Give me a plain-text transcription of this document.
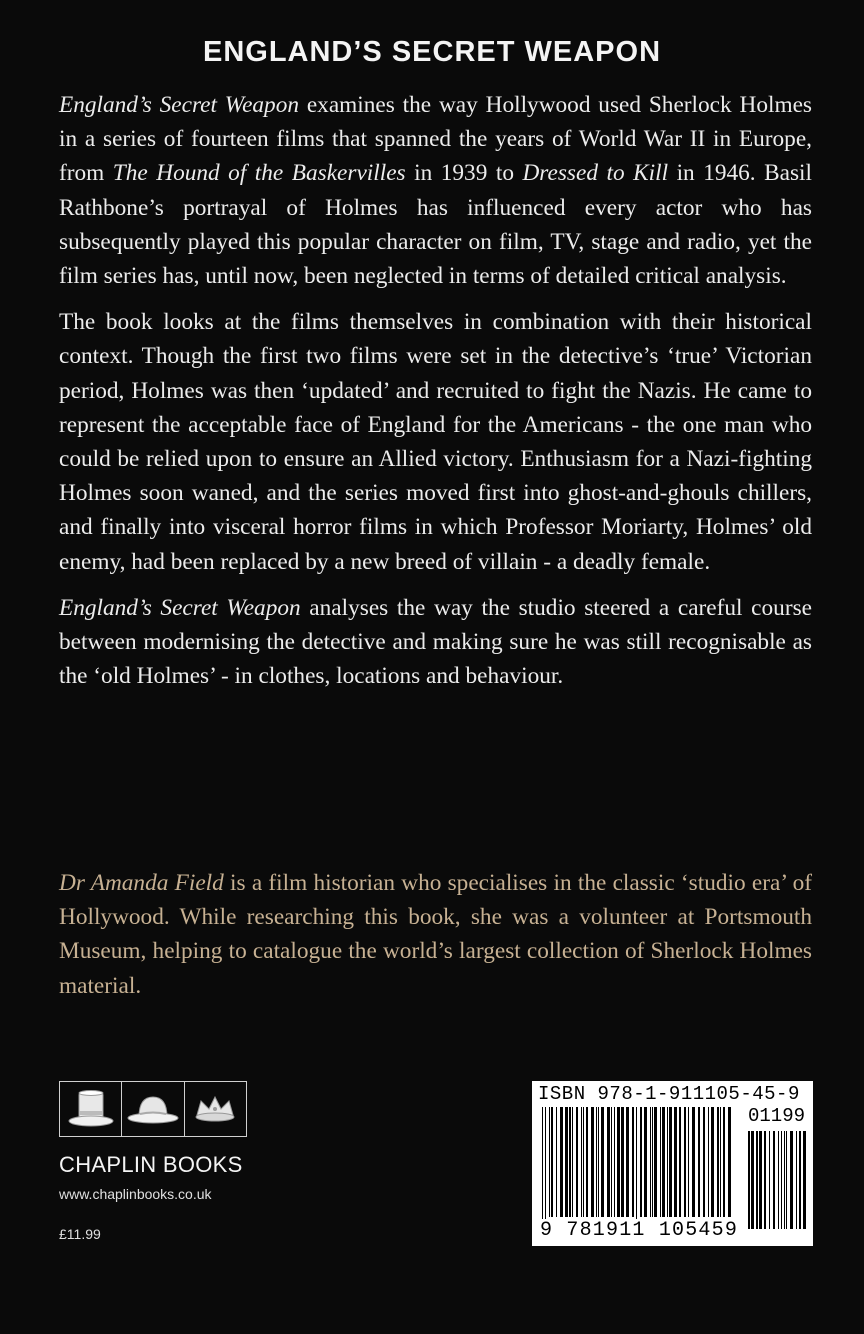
ENGLAND’S SECRET WEAPON

England’s Secret Weapon examines the way Hollywood used Sherlock Holmes in a series of fourteen films that spanned the years of World War II in Europe, from The Hound of the Baskervilles in 1939 to Dressed to Kill in 1946. Basil Rathbone’s portrayal of Holmes has influenced every actor who has subsequently played this popular character on film, TV, stage and radio, yet the film series has, until now, been neglected in terms of detailed critical analysis.

The book looks at the films themselves in combination with their historical context. Though the first two films were set in the detective’s ‘true’ Victorian period, Holmes was then ‘updated’ and recruited to fight the Nazis. He came to represent the acceptable face of England for the Americans - the one man who could be relied upon to ensure an Allied victory. Enthusiasm for a Nazi-fighting Holmes soon waned, and the series moved first into ghost-and-ghouls chillers, and finally into visceral horror films in which Professor Moriarty, Holmes’ old enemy, had been replaced by a new breed of villain - a deadly female.

England’s Secret Weapon analyses the way the studio steered a careful course between modernising the detective and making sure he was still recognisable as the ‘old Holmes’ - in clothes, locations and behaviour.

Dr Amanda Field is a film historian who specialises in the classic ‘studio era’ of Hollywood. While researching this book, she was a volunteer at Portsmouth Museum, helping to catalogue the world’s largest collection of Sherlock Holmes material.

CHAPLIN BOOKS

www.chaplinbooks.co.uk

£11.99

ISBN 978-1-911105-45-9

01199

9 781911 105459
